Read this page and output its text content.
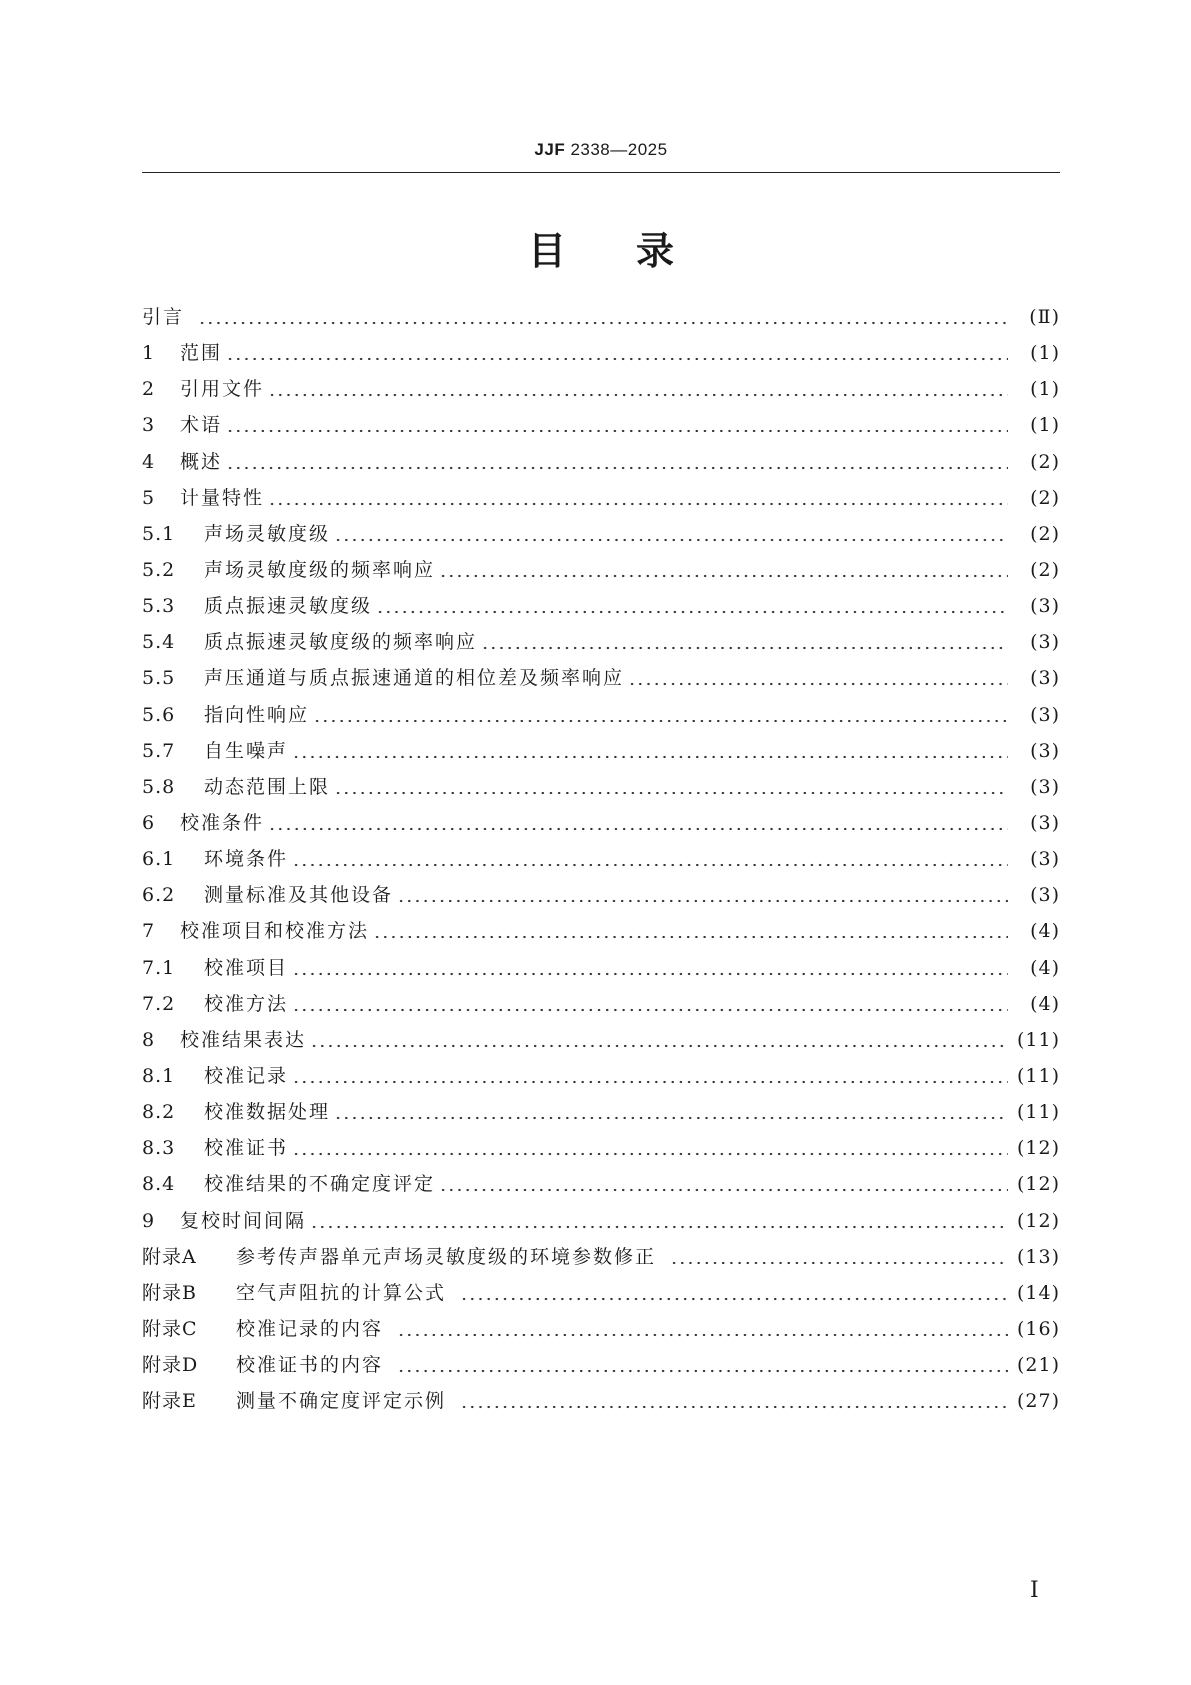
JJF 2338—2025
目录
引言	(Ⅱ)
1	范围	(1)
2	引用文件	(1)
3	术语	(1)
4	概述	(2)
5	计量特性	(2)
5.1	声场灵敏度级	(2)
5.2	声场灵敏度级的频率响应	(2)
5.3	质点振速灵敏度级	(3)
5.4	质点振速灵敏度级的频率响应	(3)
5.5	声压通道与质点振速通道的相位差及频率响应	(3)
5.6	指向性响应	(3)
5.7	自生噪声	(3)
5.8	动态范围上限	(3)
6	校准条件	(3)
6.1	环境条件	(3)
6.2	测量标准及其他设备	(3)
7	校准项目和校准方法	(4)
7.1	校准项目	(4)
7.2	校准方法	(4)
8	校准结果表达	(11)
8.1	校准记录	(11)
8.2	校准数据处理	(11)
8.3	校准证书	(12)
8.4	校准结果的不确定度评定	(12)
9	复校时间间隔	(12)
附录A	参考传声器单元声场灵敏度级的环境参数修正	(13)
附录B	空气声阻抗的计算公式	(14)
附录C	校准记录的内容	(16)
附录D	校准证书的内容	(21)
附录E	测量不确定度评定示例	(27)
I
